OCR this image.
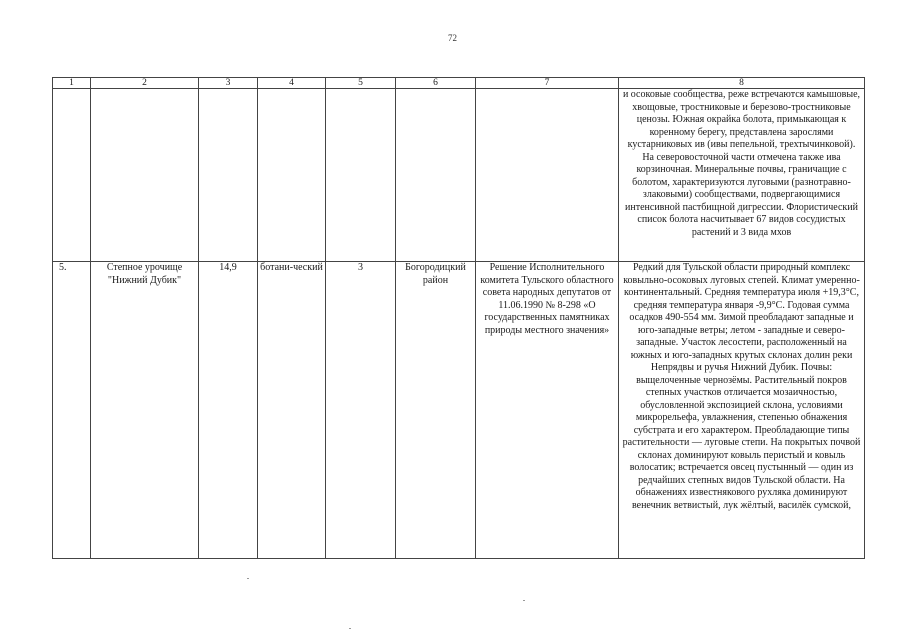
72
1	2	3	4	5	6	7	8

							и осоковые сообщества, реже встречаются камышовые, хвощовые, тростниковые и березово-тростниковые ценозы. Южная окрайка болота, примыкающая к коренному берегу, представлена зарослями кустарниковых ив (ивы пепельной, трехтычинковой). На северовосточной части отмечена также ива корзиночная. Минеральные почвы, граничащие с болотом, характеризуются луговыми (разнотравно-злаковыми) сообществами, подвергающимися интенсивной пастбищной дигрессии. Флористический список болота насчитывает 67 видов сосудистых растений и 3 вида мхов

5.	Степное урочище "Нижний Дубик"	14,9	ботани-ческий	3	Богородицкий район	Решение Исполнительного комитета Тульского областного совета народных депутатов от 11.06.1990 № 8-298 «О государственных памятниках природы местного значения»	Редкий для Тульской области природный комплекс ковыльно-осоковых луговых степей. Климат умеренно-континентальный. Средняя температура июля +19,3°С, средняя температура января -9,9°С. Годовая сумма осадков 490-554 мм. Зимой преобладают западные и юго-западные ветры; летом - западные и северо-западные. Участок лесостепи, расположенный на южных и юго-западных крутых склонах долин реки Непрядвы и ручья Нижний Дубик. Почвы: выщелоченные чернозёмы. Растительный покров степных участков отличается мозаичностью, обусловленной экспозицией склона, условиями микрорельефа, увлажнения, степенью обнажения субстрата и его характером. Преобладающие типы растительности — луговые степи. На покрытых почвой склонах доминируют ковыль перистый и ковыль волосатик; встречается овсец пустынный — один из редчайших степных видов Тульской области. На обнажениях известнякового рухляка доминируют венечник ветвистый, лук жёлтый, василёк сумской,
